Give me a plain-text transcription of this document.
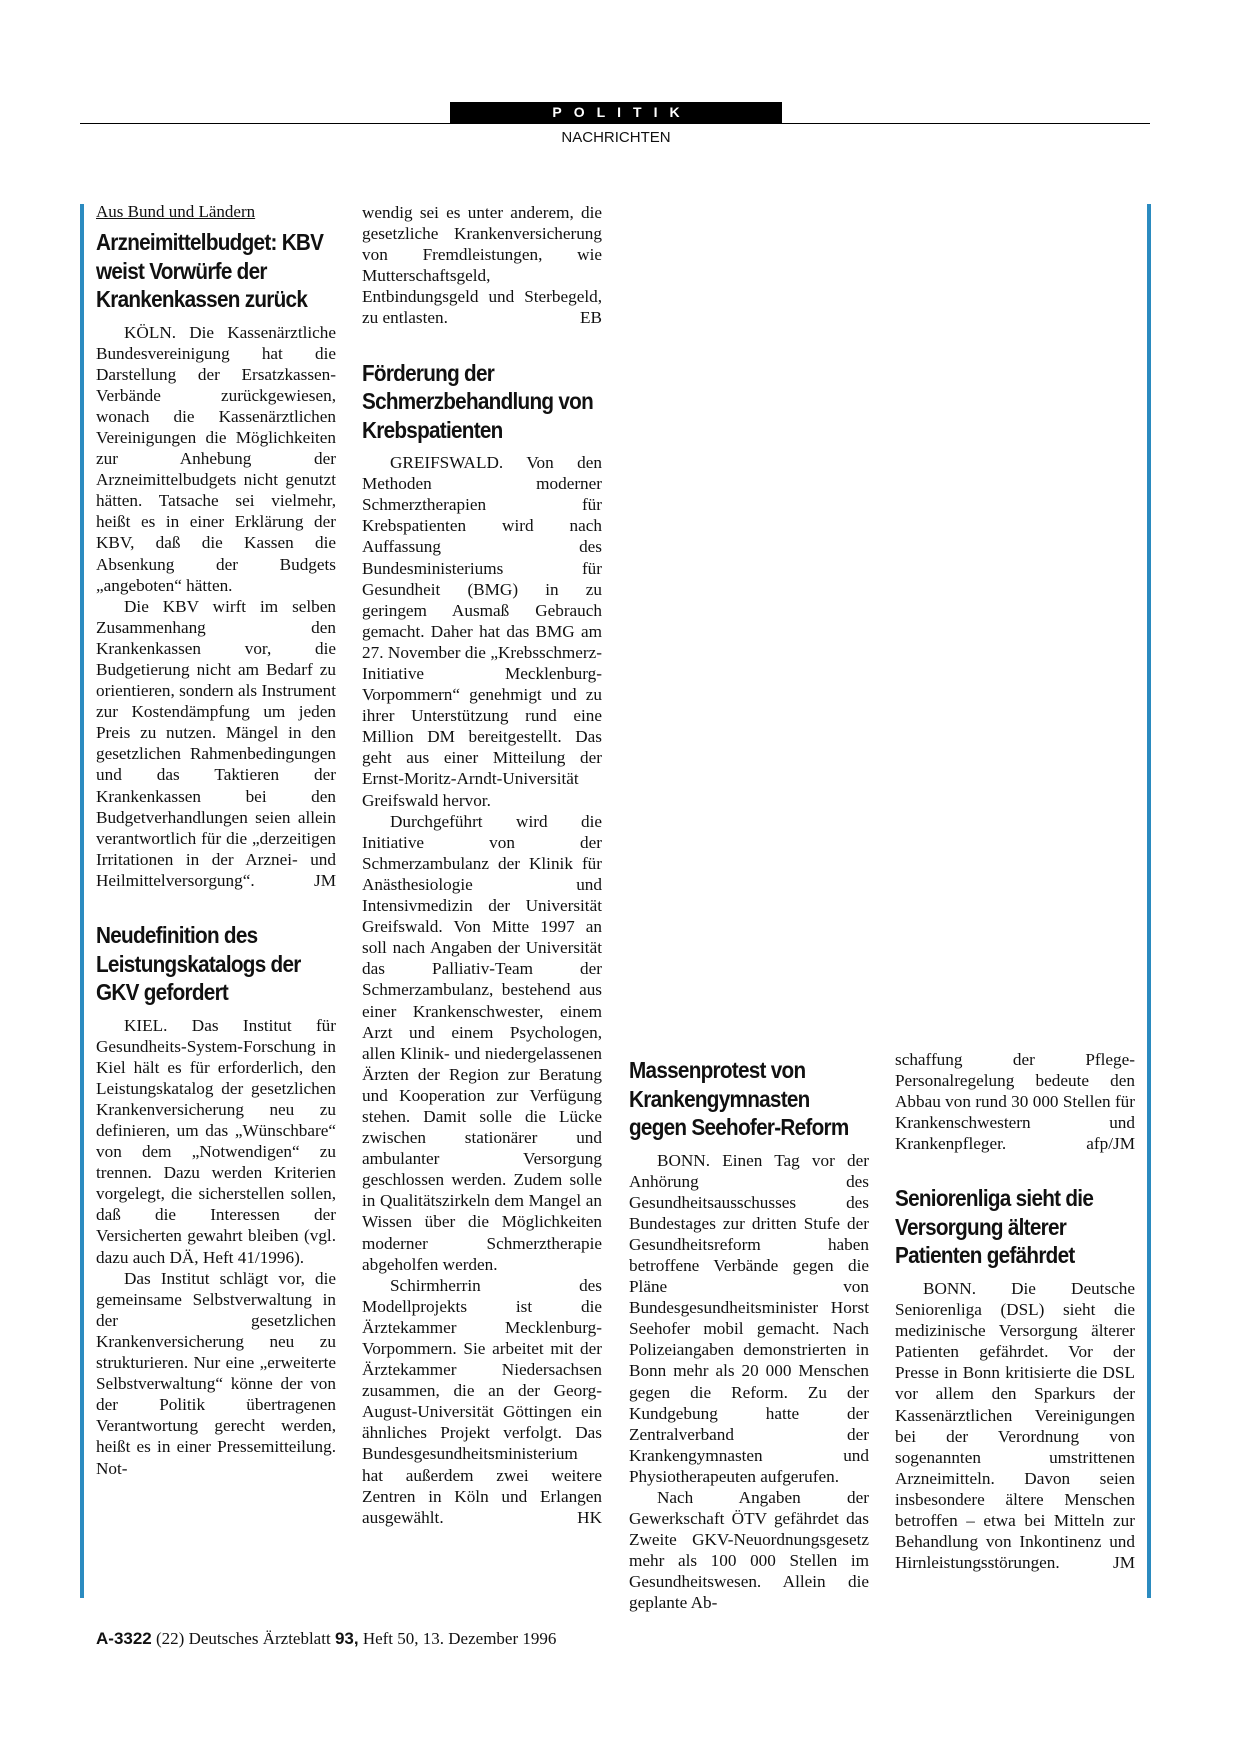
POLITIK
NACHRICHTEN
Aus Bund und Ländern
Arzneimittelbudget: KBV weist Vorwürfe der Krankenkassen zurück

KÖLN. Die Kassenärztliche Bundesvereinigung hat die Darstellung der Ersatzkassen-Verbände zurückgewiesen, wonach die Kassenärztlichen Vereinigungen die Möglichkeiten zur Anhebung der Arzneimittelbudgets nicht genutzt hätten. Tatsache sei vielmehr, heißt es in einer Erklärung der KBV, daß die Kassen die Absenkung der Budgets „angeboten“ hätten.

Die KBV wirft im selben Zusammenhang den Krankenkassen vor, die Budgetierung nicht am Bedarf zu orientieren, sondern als Instrument zur Kostendämpfung um jeden Preis zu nutzen. Mängel in den gesetzlichen Rahmenbedingungen und das Taktieren der Krankenkassen bei den Budgetverhandlungen seien allein verantwortlich für die „derzeitigen Irritationen in der Arznei- und Heilmittelversorgung“.	JM

Neudefinition des Leistungskatalogs der GKV gefordert

KIEL. Das Institut für Gesundheits-System-Forschung in Kiel hält es für erforderlich, den Leistungskatalog der gesetzlichen Krankenversicherung neu zu definieren, um das „Wünschbare“ von dem „Notwendigen“ zu trennen. Dazu werden Kriterien vorgelegt, die sicherstellen sollen, daß die Interessen der Versicherten gewahrt bleiben (vgl. dazu auch DÄ, Heft 41/1996).

Das Institut schlägt vor, die gemeinsame Selbstverwaltung in der gesetzlichen Krankenversicherung neu zu strukturieren. Nur eine „erweiterte Selbstverwaltung“ könne der von der Politik übertragenen Verantwortung gerecht werden, heißt es in einer Pressemitteilung. Not-

wendig sei es unter anderem, die gesetzliche Krankenversicherung von Fremdleistungen, wie Mutterschaftsgeld, Entbindungsgeld und Sterbegeld, zu entlasten.	EB

Förderung der Schmerzbehandlung von Krebspatienten

GREIFSWALD. Von den Methoden moderner Schmerztherapien für Krebspatienten wird nach Auffassung des Bundesministeriums für Gesundheit (BMG) in zu geringem Ausmaß Gebrauch gemacht. Daher hat das BMG am 27. November die „Krebsschmerz-Initiative Mecklenburg-Vorpommern“ genehmigt und zu ihrer Unterstützung rund eine Million DM bereitgestellt. Das geht aus einer Mitteilung der Ernst-Moritz-Arndt-Universität Greifswald hervor.

Durchgeführt wird die Initiative von der Schmerzambulanz der Klinik für Anästhesiologie und Intensivmedizin der Universität Greifswald. Von Mitte 1997 an soll nach Angaben der Universität das Palliativ-Team der Schmerzambulanz, bestehend aus einer Krankenschwester, einem Arzt und einem Psychologen, allen Klinik- und niedergelassenen Ärzten der Region zur Beratung und Kooperation zur Verfügung stehen. Damit solle die Lücke zwischen stationärer und ambulanter Versorgung geschlossen werden. Zudem solle in Qualitätszirkeln dem Mangel an Wissen über die Möglichkeiten moderner Schmerztherapie abgeholfen werden.

Schirmherrin des Modellprojekts ist die Ärztekammer Mecklenburg-Vorpommern. Sie arbeitet mit der Ärztekammer Niedersachsen zusammen, die an der Georg-August-Universität Göttingen ein ähnliches Projekt verfolgt. Das Bundesgesundheitsministerium hat außerdem zwei weitere Zentren in Köln und Erlangen ausgewählt.	HK

Massenprotest von Krankengymnasten gegen Seehofer-Reform

BONN. Einen Tag vor der Anhörung des Gesundheitsausschusses des Bundestages zur dritten Stufe der Gesundheitsreform haben betroffene Verbände gegen die Pläne von Bundesgesundheitsminister Horst Seehofer mobil gemacht. Nach Polizeiangaben demonstrierten in Bonn mehr als 20 000 Menschen gegen die Reform. Zu der Kundgebung hatte der Zentralverband der Krankengymnasten und Physiotherapeuten aufgerufen.

Nach Angaben der Gewerkschaft ÖTV gefährdet das Zweite GKV-Neuordnungsgesetz mehr als 100 000 Stellen im Gesundheitswesen. Allein die geplante Ab-

schaffung der Pflege-Personalregelung bedeute den Abbau von rund 30 000 Stellen für Krankenschwestern und Krankenpfleger.	afp/JM

Seniorenliga sieht die Versorgung älterer Patienten gefährdet

BONN. Die Deutsche Seniorenliga (DSL) sieht die medizinische Versorgung älterer Patienten gefährdet. Vor der Presse in Bonn kritisierte die DSL vor allem den Sparkurs der Kassenärztlichen Vereinigungen bei der Verordnung von sogenannten umstrittenen Arzneimitteln. Davon seien insbesondere ältere Menschen betroffen – etwa bei Mitteln zur Behandlung von Inkontinenz und Hirnleistungsstörungen.	JM

A-3322 (22) Deutsches Ärzteblatt 93, Heft 50, 13. Dezember 1996
